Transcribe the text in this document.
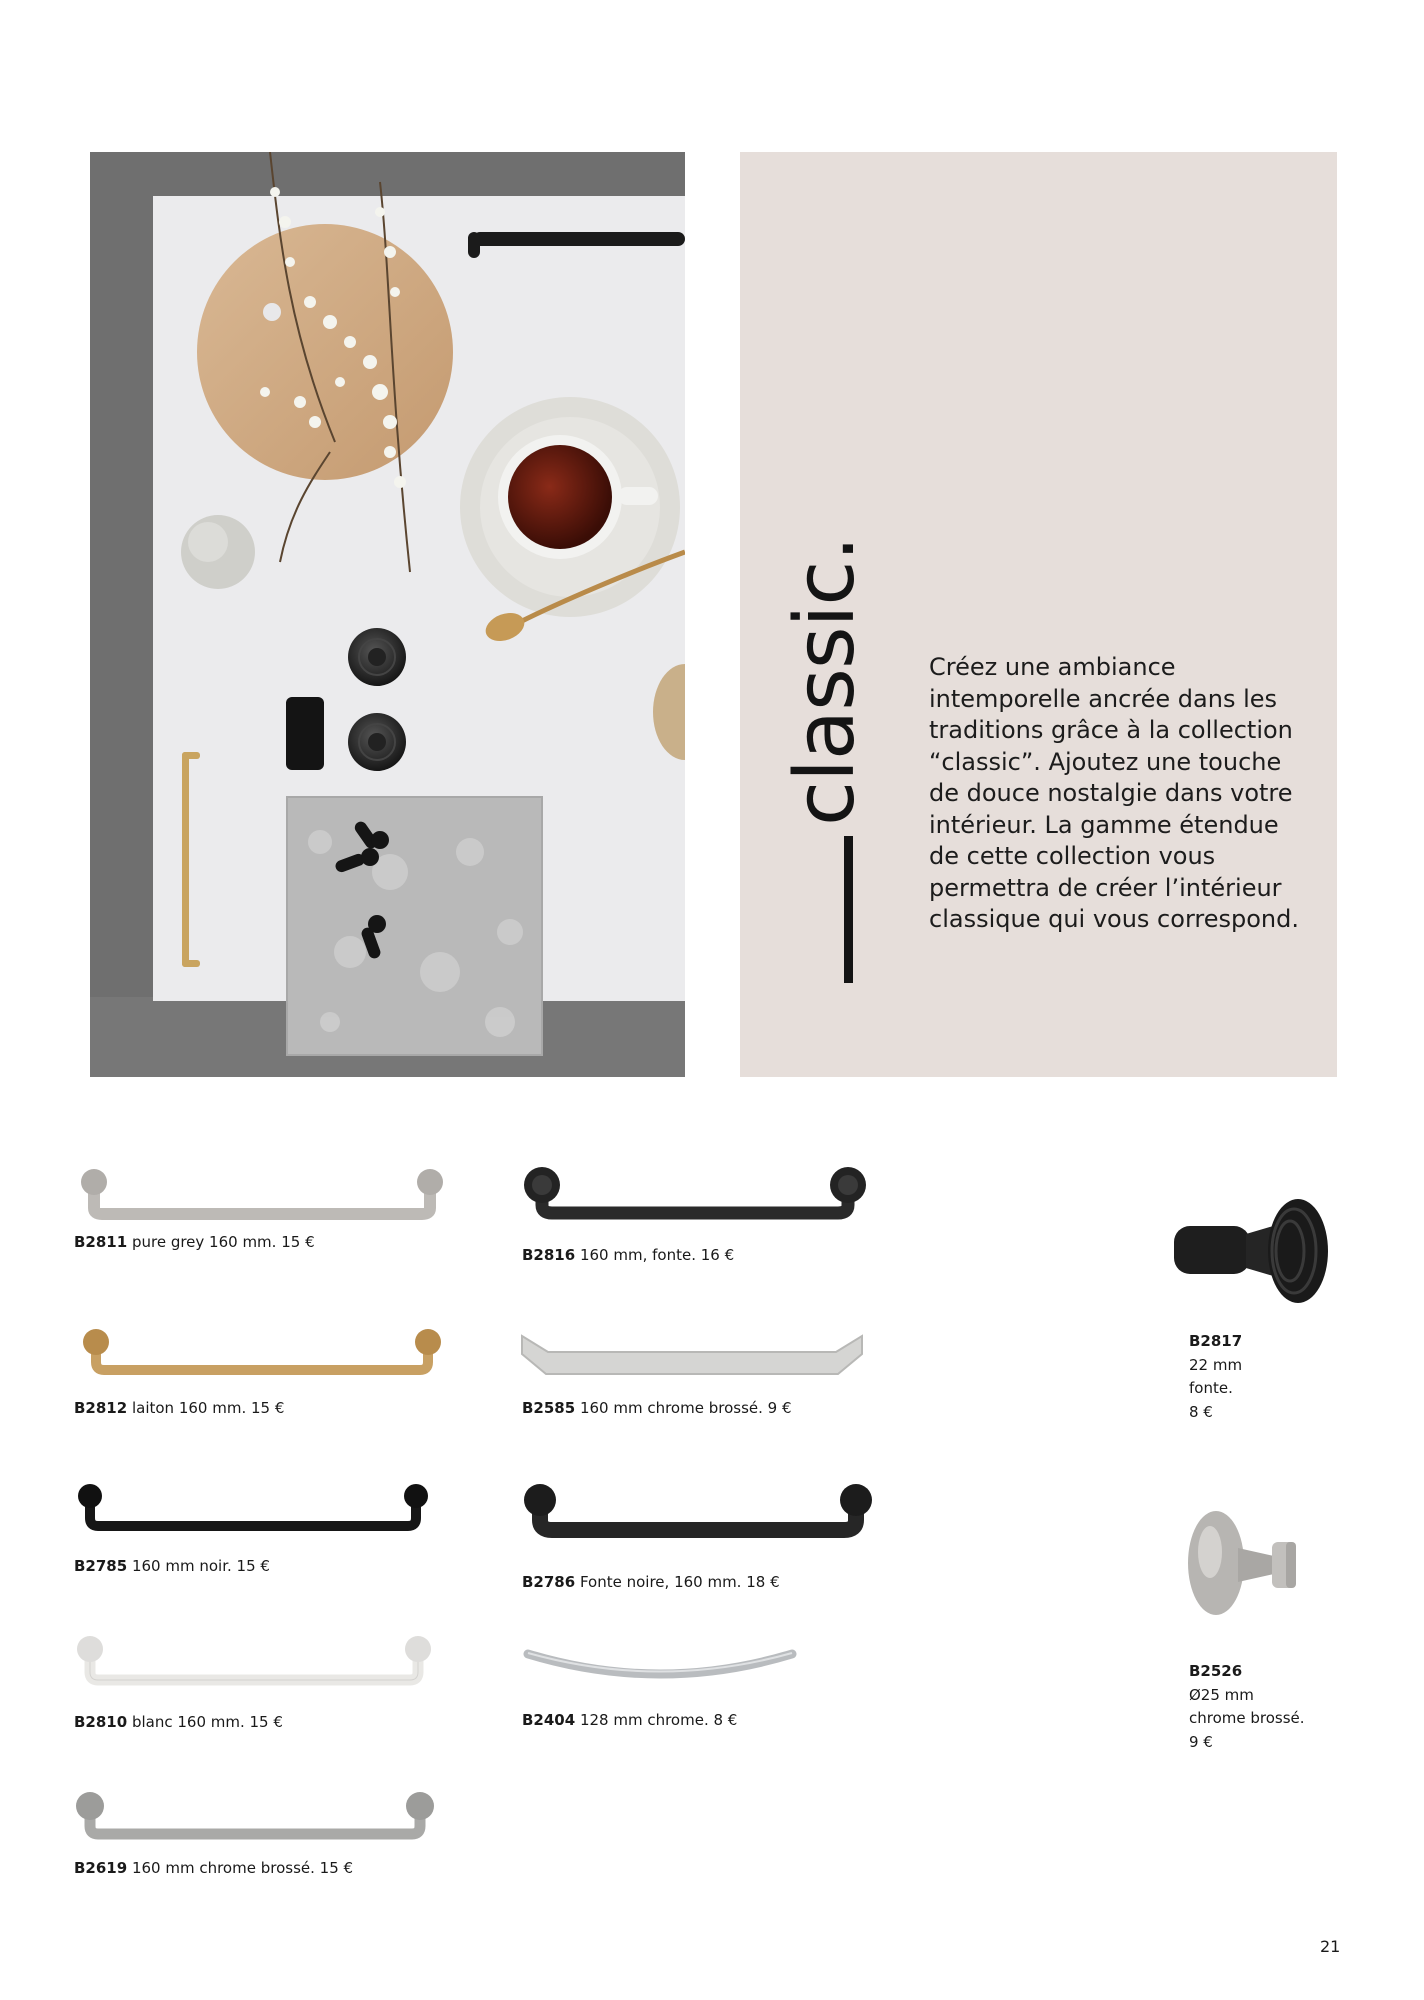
classic. Créez une ambiance intemporelle ancrée dans les traditions grâce à la collection “classic”. Ajoutez une touche de douce nostalgie dans votre intérieur. La gamme étendue de cette collection vous permettra de créer l’intérieur classique qui vous correspond.

B2811 pure grey 160 mm. 15 €

B2816 160 mm, fonte. 16 €

B2812 laiton 160 mm. 15 €	B2585 160 mm chrome brossé. 9 €

B2785 160 mm noir. 15 €

B2786 Fonte noire, 160 mm. 18 €

B2810 blanc 160 mm. 15 €	B2404 128 mm chrome. 8 €

B2619 160 mm chrome brossé. 15 €

B2817
22 mm
fonte.
8 €
B2526
Ø25 mm
chrome brossé.
9 €

21
